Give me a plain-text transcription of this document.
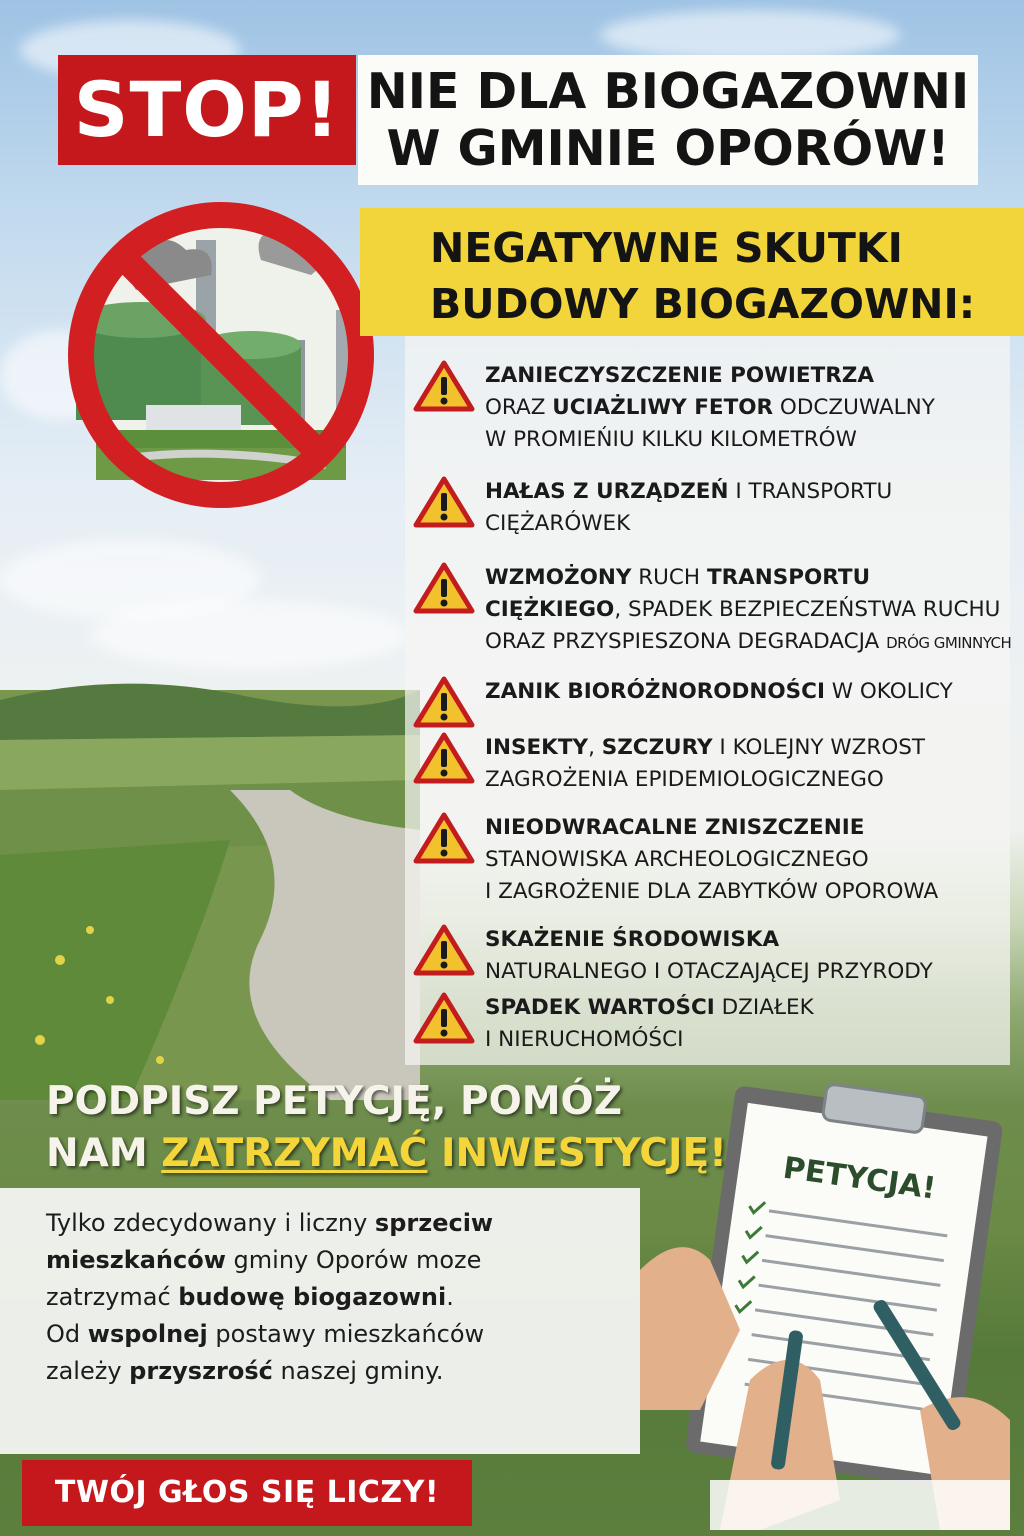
STOP! NIE DLA BIOGAZOWNI
W GMINIE OPORÓW!
NEGATYWNE SKUTKI
BUDOWY BIOGAZOWNI:
ZANIECZYSZCZENIE POWIETRZA
ORAZ UCIAŻLIWY FETOR ODCZUWALNY
W PROMIEŃIU KILKU KILOMETRÓW
HAŁAS Z URZĄDZEŃ I TRANSPORTU
CIĘŻARÓWEK
WZMOŻONY RUCH TRANSPORTU
CIĘŻKIEGO, SPADEK BEZPIECZEŃSTWA RUCHU
ORAZ PRZYSPIESZONA DEGRADACJA DRÓG GMINNYCH
ZANIK BIORÓŻNORODNOŚCI W OKOLICY
INSEKTY, SZCZURY I KOLEJNY WZROST
ZAGROŻENIA EPIDEMIOLOGICZNEGO
NIEODWRACALNE ZNISZCZENIE
STANOWISKA ARCHEOLOGICZNEGO
I ZAGROŻENIE DLA ZABYTKÓW OPOROWA
SKAŻENIE ŚRODOWISKA
NATURALNEGO I OTACZAJĄCEJ PRZYRODY
SPADEK WARTOŚCI DZIAŁEK
I NIERUCHOMÓŚCI
PODPISZ PETYCJĘ, POMÓŻ
NAM ZATRZYMAĆ INWESTYCJĘ!
Tylko zdecydowany i liczny sprzeciw
mieszkańców gminy Oporów moze
zatrzymać budowę biogazowni.
Od wspolnej postawy mieszkańców
zależy przyszrość naszej gminy.
PETYCJA!
TWÓJ GŁOS SIĘ LICZY!
